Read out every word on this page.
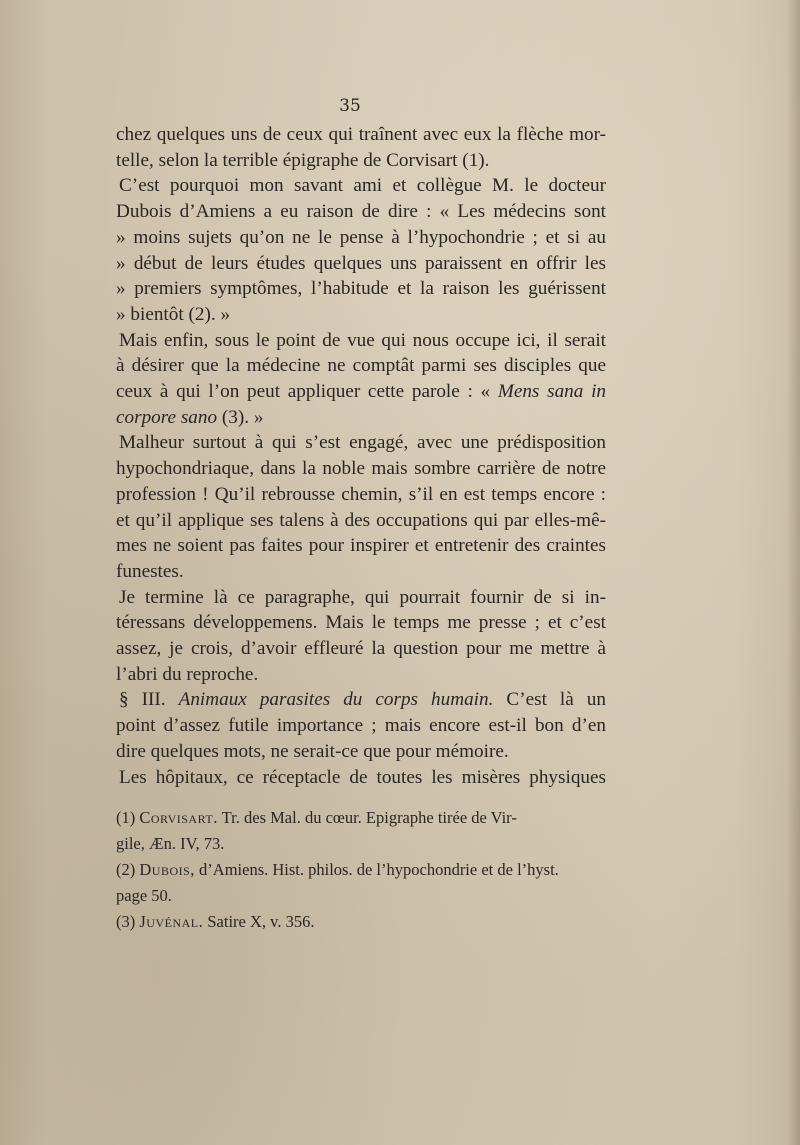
35
chez quelques uns de ceux qui traînent avec eux la flèche mor-
telle, selon la terrible épigraphe de Corvisart (1).
C’est pourquoi mon savant ami et collègue M. le docteur
Dubois d’Amiens a eu raison de dire : « Les médecins sont
» moins sujets qu’on ne le pense à l’hypochondrie ; et si au
» début de leurs études quelques uns paraissent en offrir les
» premiers symptômes, l’habitude et la raison les guérissent
» bientôt (2). »
Mais enfin, sous le point de vue qui nous occupe ici, il serait
à désirer que la médecine ne comptât parmi ses disciples que
ceux à qui l’on peut appliquer cette parole : « Mens sana in
corpore sano (3). »
Malheur surtout à qui s’est engagé, avec une prédisposition
hypochondriaque, dans la noble mais sombre carrière de notre
profession ! Qu’il rebrousse chemin, s’il en est temps encore :
et qu’il applique ses talens à des occupations qui par elles-mê-
mes ne soient pas faites pour inspirer et entretenir des craintes
funestes.
Je termine là ce paragraphe, qui pourrait fournir de si in-
téressans développemens. Mais le temps me presse ; et c’est
assez, je crois, d’avoir effleuré la question pour me mettre à
l’abri du reproche.
§ III. Animaux parasites du corps humain. C’est là un
point d’assez futile importance ; mais encore est-il bon d’en
dire quelques mots, ne serait-ce que pour mémoire.
Les hôpitaux, ce réceptacle de toutes les misères physiques
(1) Corvisart. Tr. des Mal. du cœur. Epigraphe tirée de Vir-
gile, Æn. IV, 73.
(2) Dubois, d’Amiens. Hist. philos. de l’hypochondrie et de l’hyst.
page 50.
(3) Juvénal. Satire X, v. 356.
